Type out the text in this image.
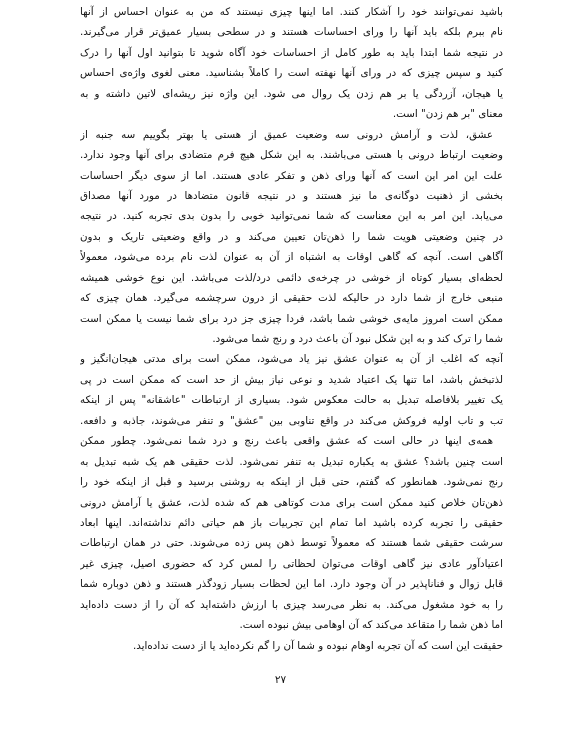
باشید نمی‌توانند خود را آشکار کنند. اما اینها چیزی نیستند که من به عنوان احساس از آنها
نام ببرم بلکه باید آنها را ورای احساسات هستند و در سطحی بسیار عمیق‌تر قرار می‌گیرند.
در نتیجه شما ابتدا باید به طور کامل از احساسات خود آگاه شوید تا بتوانید اول آنها را درک
کنید و سپس چیزی که در ورای آنها نهفته است را کاملاً بشناسید. معنی لغوی واژه‌ی احساس
یا هیجان، آزردگی یا بر هم زدن یک روال می شود. این واژه نیز ریشه‌ای لاتین داشته و به
معنای "بر هم زدن" است.
عشق، لذت و آرامش درونی سه وضعیت عمیق از هستی یا بهتر بگوییم سه جنبه از
وضعیت ارتباط درونی با هستی می‌باشند. به این شکل هیچ فرم متضادی برای آنها وجود ندارد.
علت این امر این است که آنها ورای ذهن و تفکر عادی هستند. اما از سوی دیگر احساسات
بخشی از ذهنیت دوگانه‌ی ما نیز هستند و در نتیجه قانون متضادها در مورد آنها مصداق
می‌یابد. این امر به این معناست که شما نمی‌توانید خوبی را بدون بدی تجربه کنید. در نتیجه
در چنین وضعیتی هویت شما را ذهن‌تان تعیین می‌کند و در واقع وضعیتی تاریک و بدون
آگاهی است. آنچه که گاهی اوقات به اشتباه از آن به عنوان لذت نام برده می‌شود، معمولاً
لحظه‌ای بسیار کوتاه از خوشی در چرخه‌ی دائمی درد/لذت می‌باشد. این نوع خوشی همیشه
منبعی خارج از شما دارد در حالیکه لذت حقیقی از درون سرچشمه می‌گیرد. همان چیزی که
ممکن است امروز مایه‌ی خوشی شما باشد، فردا چیزی جز درد برای شما نیست یا ممکن است
شما را ترک کند و به این شکل نبود آن باعث درد و رنج شما می‌شود.
آنچه که اغلب از آن به عنوان عشق نیز یاد می‌شود، ممکن است برای مدتی هیجان‌انگیز و
لذتبخش باشد، اما تنها یک اعتیاد شدید و نوعی نیاز بیش از حد است که ممکن است در پی
یک تغییر بلافاصله تبدیل به حالت معکوس شود. بسیاری از ارتباطات "عاشقانه" پس از اینکه
تب و تاب اولیه فروکش می‌کند در واقع تناوبی بین "عشق" و تنفر می‌شوند، جاذبه و دافعه.
همه‌ی اینها در حالی است که عشق واقعی باعث رنج و درد شما نمی‌شود. چطور ممکن
است چنین باشد؟ عشق به یکباره تبدیل به تنفر نمی‌شود. لذت حقیقی هم یک شبه تبدیل به
رنج نمی‌شود. همانطور که گفتم، حتی قبل از اینکه به روشنی برسید و قبل از اینکه خود را
ذهن‌تان خلاص کنید ممکن است برای مدت کوتاهی هم که شده لذت، عشق یا آرامش درونی
حقیقی را تجربه کرده باشید اما تمام این تجربیات باز هم حیاتی دائم نداشته‌اند. اینها ابعاد
سرشت حقیقی شما هستند که معمولاً توسط ذهن پس زده می‌شوند. حتی در همان ارتباطات
اعتیادآور عادی نیز گاهی اوقات می‌توان لحظاتی را لمس کرد که حضوری اصیل، چیزی غیر
قابل زوال و فناناپذیر در آن وجود دارد. اما این لحظات بسیار زودگذر هستند و ذهن دوباره شما
را به خود مشغول می‌کند. به نظر می‌رسد چیزی با ارزش داشته‌اید که آن را از دست داده‌اید
اما ذهن شما را متقاعد می‌کند که آن اوهامی بیش نبوده است.
حقیقت این است که آن تجربه اوهام نبوده و شما آن را گم نکرده‌اید یا از دست نداده‌اید.
۲۷
